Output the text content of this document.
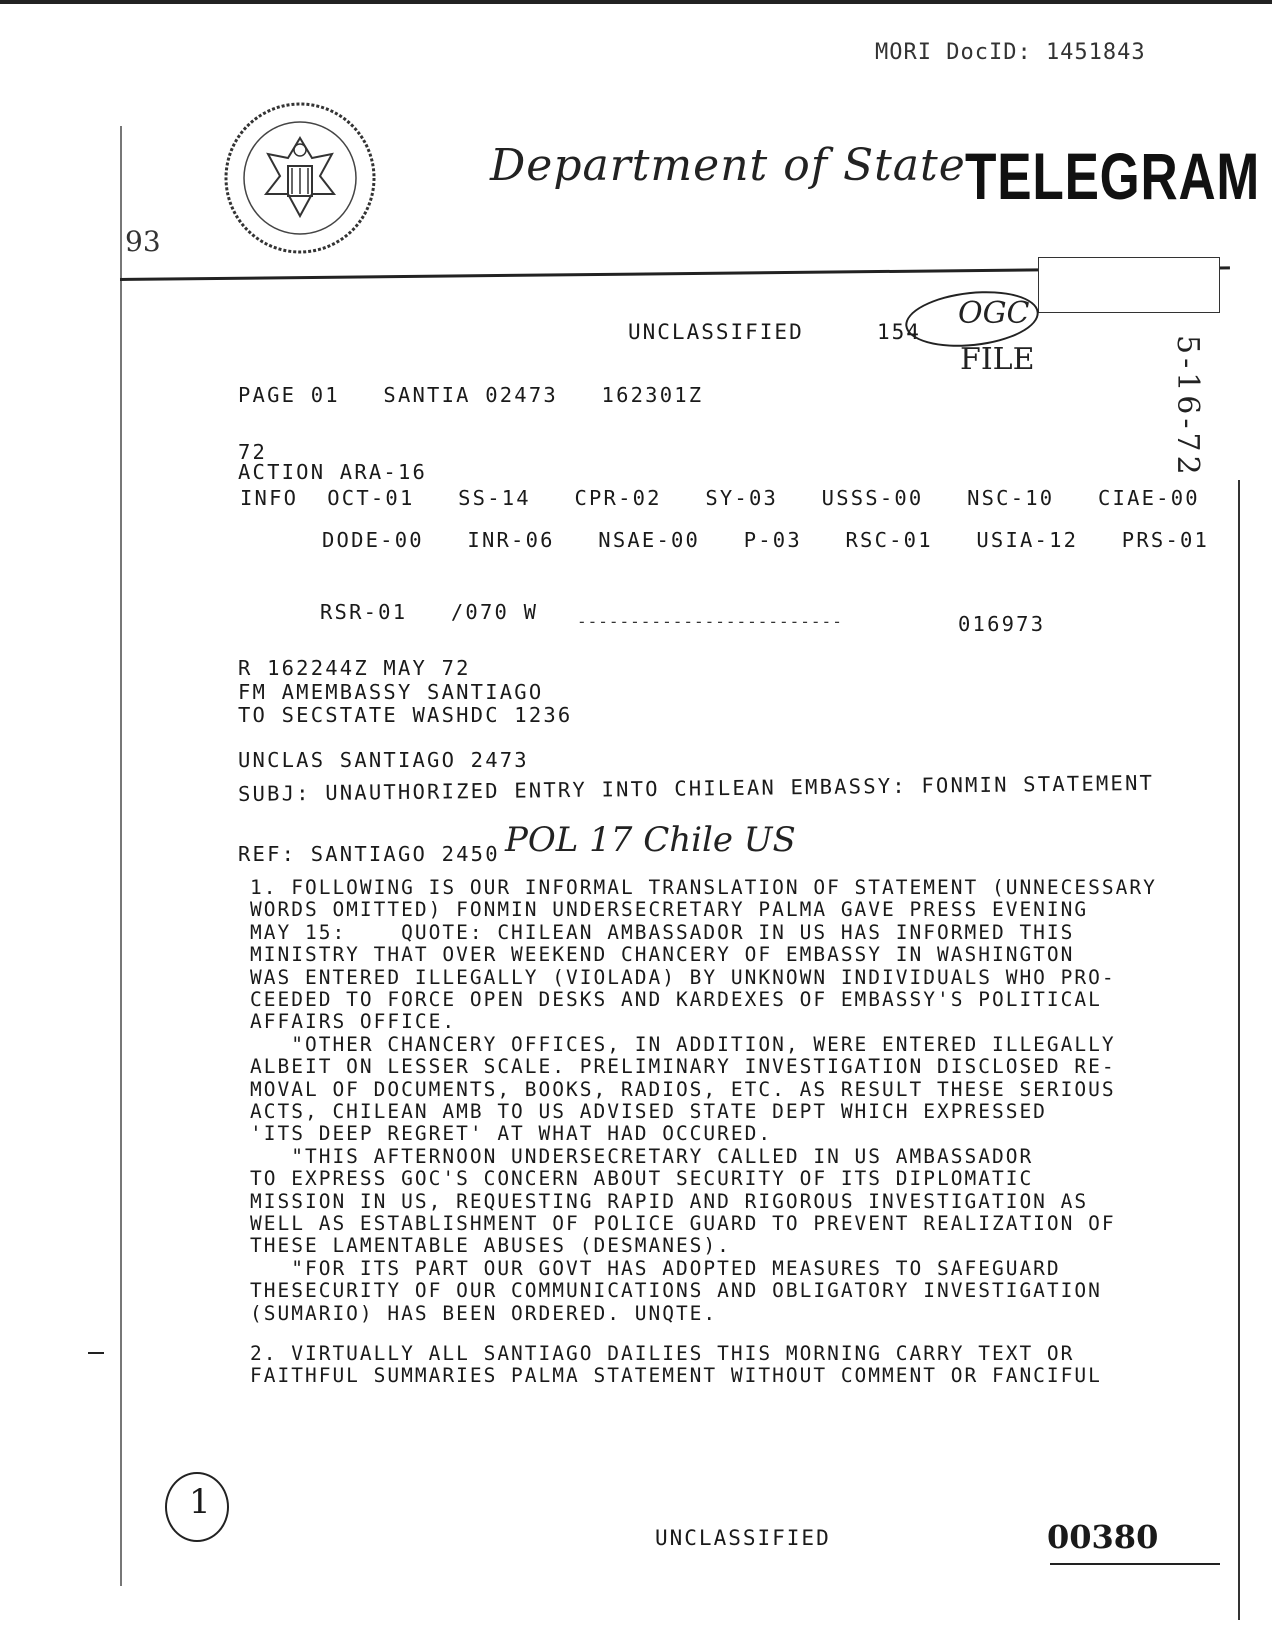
MORI DocID: 1451843
93
Department of State TELEGRAM
UNCLASSIFIED	154
OGC
FILE	5-16-72
PAGE 01   SANTIA 02473   162301Z
72
ACTION ARA-16
INFO  OCT-01   SS-14   CPR-02   SY-03   USSS-00   NSC-10   CIAE-00
DODE-00   INR-06   NSAE-00   P-03   RSC-01   USIA-12   PRS-01
RSR-01   /070 W -------------------------	016973
R 162244Z MAY 72
FM AMEMBASSY SANTIAGO
TO SECSTATE WASHDC 1236
UNCLAS SANTIAGO 2473
SUBJ: UNAUTHORIZED ENTRY INTO CHILEAN EMBASSY: FONMIN STATEMENT
REF: SANTIAGO 2450 POL 17 Chile US
1. FOLLOWING IS OUR INFORMAL TRANSLATION OF STATEMENT (UNNECESSARY
WORDS OMITTED) FONMIN UNDERSECRETARY PALMA GAVE PRESS EVENING
MAY 15:    QUOTE: CHILEAN AMBASSADOR IN US HAS INFORMED THIS
MINISTRY THAT OVER WEEKEND CHANCERY OF EMBASSY IN WASHINGTON
WAS ENTERED ILLEGALLY (VIOLADA) BY UNKNOWN INDIVIDUALS WHO PRO-
CEEDED TO FORCE OPEN DESKS AND KARDEXES OF EMBASSY'S POLITICAL
AFFAIRS OFFICE.
"OTHER CHANCERY OFFICES, IN ADDITION, WERE ENTERED ILLEGALLY
ALBEIT ON LESSER SCALE. PRELIMINARY INVESTIGATION DISCLOSED RE-
MOVAL OF DOCUMENTS, BOOKS, RADIOS, ETC. AS RESULT THESE SERIOUS
ACTS, CHILEAN AMB TO US ADVISED STATE DEPT WHICH EXPRESSED
'ITS DEEP REGRET' AT WHAT HAD OCCURED.
"THIS AFTERNOON UNDERSECRETARY CALLED IN US AMBASSADOR
TO EXPRESS GOC'S CONCERN ABOUT SECURITY OF ITS DIPLOMATIC
MISSION IN US, REQUESTING RAPID AND RIGOROUS INVESTIGATION AS
WELL AS ESTABLISHMENT OF POLICE GUARD TO PREVENT REALIZATION OF
THESE LAMENTABLE ABUSES (DESMANES).
"FOR ITS PART OUR GOVT HAS ADOPTED MEASURES TO SAFEGUARD
THESECURITY OF OUR COMMUNICATIONS AND OBLIGATORY INVESTIGATION
(SUMARIO) HAS BEEN ORDERED. UNQTE.
2. VIRTUALLY ALL SANTIAGO DAILIES THIS MORNING CARRY TEXT OR
FAITHFUL SUMMARIES PALMA STATEMENT WITHOUT COMMENT OR FANCIFUL
1
UNCLASSIFIED	00380
